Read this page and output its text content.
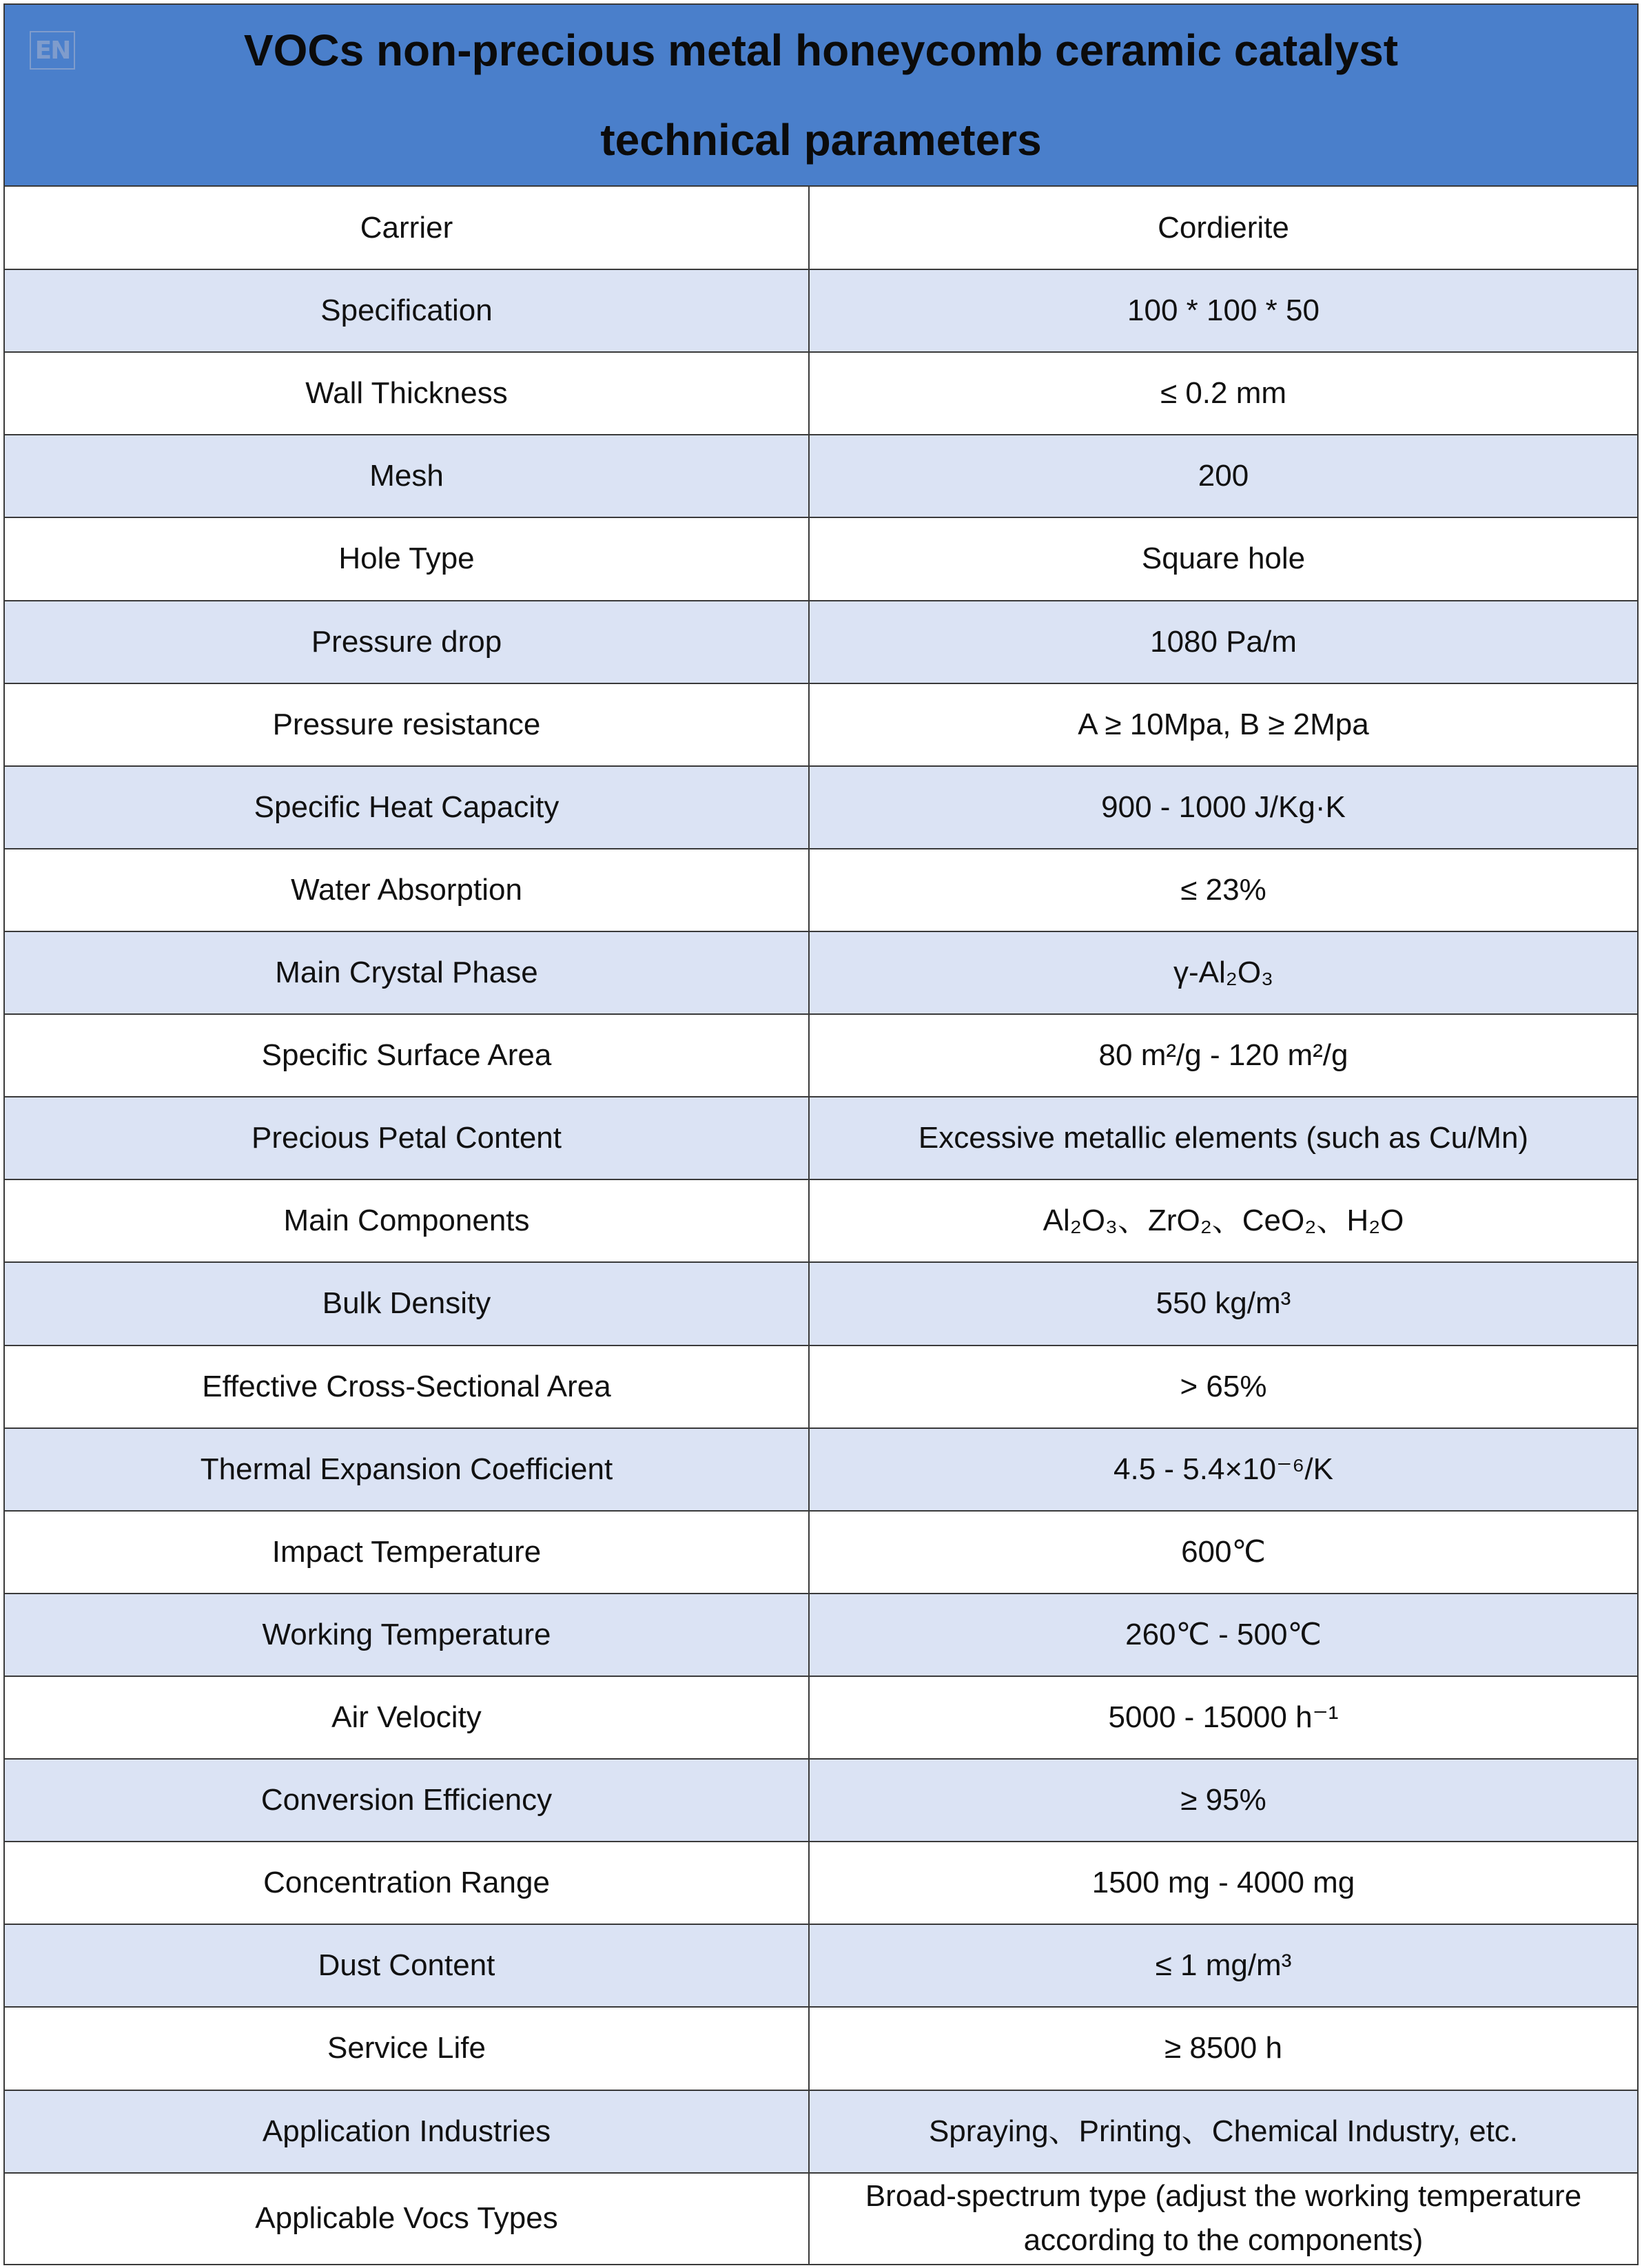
EN	VOCs non-precious metal honeycomb ceramic catalyst
technical parameters
Carrier	Cordierite
Specification	100 * 100 * 50
Wall Thickness	≤ 0.2 mm
Mesh	200
Hole Type	Square hole
Pressure drop	1080 Pa/m
Pressure resistance	A ≥ 10Mpa, B ≥ 2Mpa
Specific Heat Capacity	900 - 1000 J/Kg·K
Water Absorption	≤ 23%
Main Crystal Phase	γ-Al₂O₃
Specific Surface Area	80 m²/g - 120 m²/g
Precious Petal Content	Excessive metallic elements (such as Cu/Mn)
Main Components	Al₂O₃、ZrO₂、CeO₂、H₂O
Bulk Density	550 kg/m³
Effective Cross-Sectional Area	> 65%
Thermal Expansion Coefficient	4.5 - 5.4×10⁻⁶/K
Impact Temperature	600℃
Working Temperature	260℃ - 500℃
Air Velocity	5000 - 15000 h⁻¹
Conversion Efficiency	≥ 95%
Concentration Range	1500 mg - 4000 mg
Dust Content	≤ 1 mg/m³
Service Life	≥ 8500 h
Application Industries	Spraying、Printing、Chemical Industry, etc.
Applicable Vocs Types	Broad-spectrum type (adjust the working temperature according to the components)
